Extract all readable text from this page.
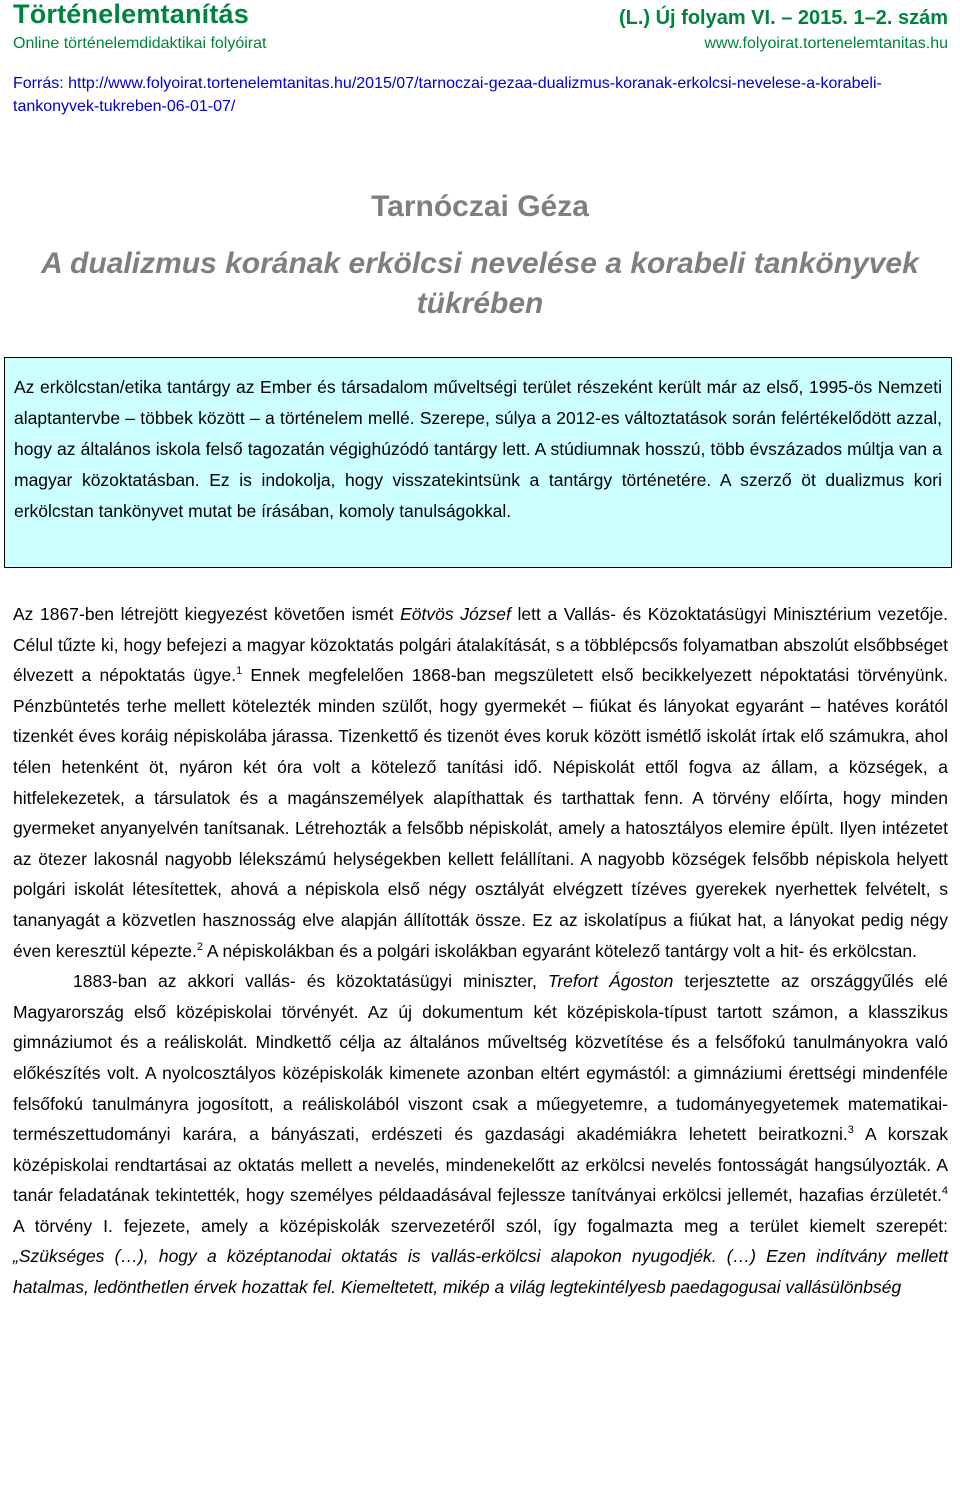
Történelemtanítás
Online történelemdidaktikai folyóirat
(L.) Új folyam VI. – 2015. 1–2. szám
www.folyoirat.tortenelemtanitas.hu
Forrás: http://www.folyoirat.tortenelemtanitas.hu/2015/07/tarnoczai-gezaa-dualizmus-koranak-erkolcsi-nevelese-a-korabeli-tankonyvek-tukreben-06-01-07/
Tarnóczai Géza
A dualizmus korának erkölcsi nevelése a korabeli tankönyvek tükrében

Az erkölcstan/etika tantárgy az Ember és társadalom műveltségi terület részeként került már az első, 1995-ös Nemzeti alaptantervbe – többek között – a történelem mellé. Szerepe, súlya a 2012-es változtatások során felértékelődött azzal, hogy az általános iskola felső tagozatán végighúzódó tantárgy lett. A stúdiumnak hosszú, több évszázados múltja van a magyar közoktatásban. Ez is indokolja, hogy visszatekintsünk a tantárgy történetére. A szerző öt dualizmus kori erkölcstan tankönyvet mutat be írásában, komoly tanulságokkal.

Az 1867-ben létrejött kiegyezést követően ismét Eötvös József lett a Vallás- és Közoktatásügyi Minisztérium vezetője. Célul tűzte ki, hogy befejezi a magyar közoktatás polgári átalakítását, s a többlépcsős folyamatban abszolút elsőbbséget élvezett a népoktatás ügye.$^1$ Ennek megfelelően 1868-ban megszületett első becikkelyezett népoktatási törvényünk. Pénzbüntetés terhe mellett kötelezték minden szülőt, hogy gyermekét – fiúkat és lányokat egyaránt – hatéves korától tizenkét éves koráig népiskolába járassa. Tizenkettő és tizenöt éves koruk között ismétlő iskolát írtak elő számukra, ahol télen hetenként öt, nyáron két óra volt a kötelező tanítási idő. Népiskolát ettől fogva az állam, a községek, a hitfelekezetek, a társulatok és a magánszemélyek alapíthattak és tarthattak fenn. A törvény előírta, hogy minden gyermeket anyanyelvén tanítsanak. Létrehozták a felsőbb népiskolát, amely a hatosztályos elemire épült. Ilyen intézetet az ötezer lakosnál nagyobb lélekszámú helységekben kellett felállítani. A nagyobb községek felsőbb népiskola helyett polgári iskolát létesítettek, ahová a népiskola első négy osztályát elvégzett tízéves gyerekek nyerhettek felvételt, s tananyagát a közvetlen hasznosság elve alapján állították össze. Ez az iskolatípus a fiúkat hat, a lányokat pedig négy éven keresztül képezte.$^2$ A népiskolákban és a polgári iskolákban egyaránt kötelező tantárgy volt a hit- és erkölcstan.

1883-ban az akkori vallás- és közoktatásügyi miniszter, Trefort Ágoston terjesztette az országgyűlés elé Magyarország első középiskolai törvényét. Az új dokumentum két középiskola-típust tartott számon, a klasszikus gimnáziumot és a reáliskolát. Mindkettő célja az általános műveltség közvetítése és a felsőfokú tanulmányokra való előkészítés volt. A nyolcosztályos középiskolák kimenete azonban eltért egymástól: a gimnáziumi érettségi mindenféle felsőfokú tanulmányra jogosított, a reáliskolából viszont csak a műegyetemre, a tudományegyetemek matematikai-természettudományi karára, a bányászati, erdészeti és gazdasági akadémiákra lehetett beiratkozni.$^3$ A korszak középiskolai rendtartásai az oktatás mellett a nevelés, mindenekelőtt az erkölcsi nevelés fontosságát hangsúlyozták. A tanár feladatának tekintették, hogy személyes példaadásával fejlessze tanítványai erkölcsi jellemét, hazafias érzületét.$^4$ A törvény I. fejezete, amely a középiskolák szervezetéről szól, így fogalmazta meg a terület kiemelt szerepét: „Szükséges (…), hogy a középtanodai oktatás is vallás-erkölcsi alapokon nyugodjék. (…) Ezen indítvány mellett hatalmas, ledönthetlen érvek hozattak fel. Kiemeltetett, mikép a világ legtekintélyesb paedagogusai vallásülönbség
